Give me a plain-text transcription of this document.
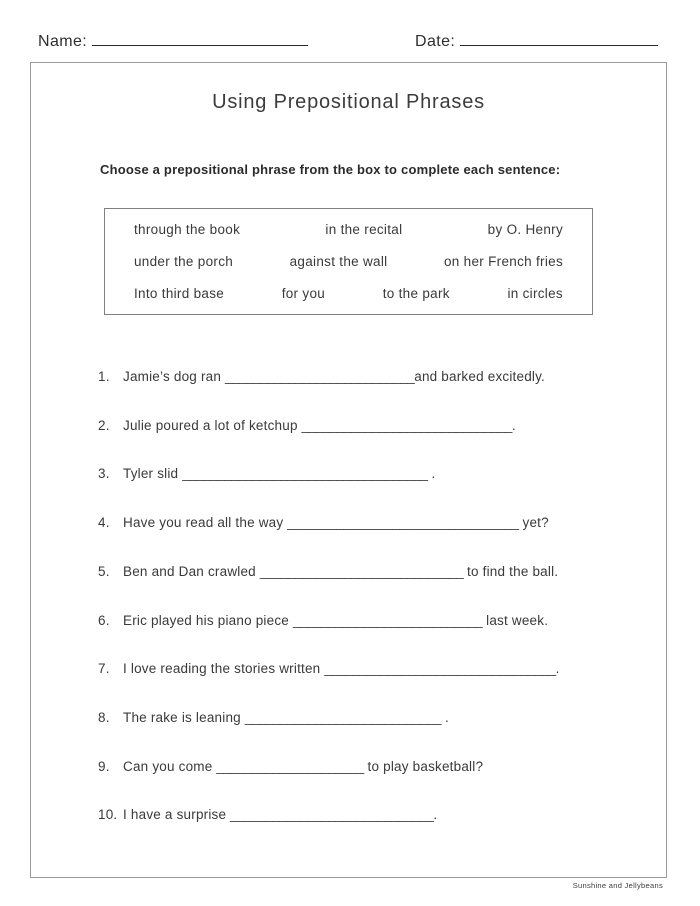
Name:	Date:
Using Prepositional Phrases

Choose a prepositional phrase from the box to complete each sentence:

through the book	in the recital	by O. Henry
under the porch	against the wall	on her French fries
Into third base	for you	to the park	in circles
1. Jamie’s dog ran ___________________________and barked excitedly.
2. Julie poured a lot of ketchup ______________________________.
3. Tyler slid ___________________________________ .
4. Have you read all the way _________________________________ yet?
5. Ben and Dan crawled _____________________________ to find the ball.
6. Eric played his piano piece ___________________________ last week.
7. I love reading the stories written _________________________________.
8. The rake is leaning ____________________________ .
9. Can you come _____________________ to play basketball?
10. I have a surprise _____________________________.
Sunshine and Jellybeans
